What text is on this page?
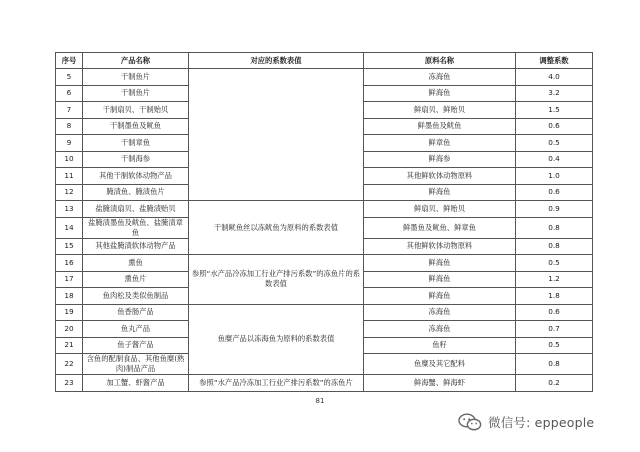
序号	产品名称	对应的系数表值	原料名称	调整系数
5	干制鱼片		冻海鱼	4.0
6	干制鱼片		鲜海鱼	3.2
7	干制扇贝、干制贻贝		鲜扇贝、鲜贻贝	1.5
8	干制墨鱼及鱿鱼		鲜墨鱼及鱿鱼	0.6
9	干制章鱼		鲜章鱼	0.5
10	干制海参		鲜海参	0.4
11	其他干制软体动物产品		其他鲜软体动物原料	1.0
12	腌渍鱼、腌渍鱼片		鲜海鱼	0.6
13	盐腌渍扇贝、盐腌渍贻贝	干制鱿鱼丝以冻鱿鱼为原料的系数表值	鲜扇贝、鲜贻贝	0.9
14	盐腌渍墨鱼及鱿鱼、盐腌渍章鱼		鲜墨鱼及鱿鱼、鲜章鱼	0.8
15	其他盐腌渍软体动物产品		其他鲜软体动物原料	0.8
16	熏鱼	参照“水产品冷冻加工行业产排污系数”的冻鱼片的系数表值	鲜海鱼	0.5
17	熏鱼片		鲜海鱼	1.2
18	鱼肉松及类似鱼制品		鲜海鱼	1.8
19	鱼香肠产品	鱼糜产品以冻海鱼为原料的系数表值	冻海鱼	0.6
20	鱼丸产品		冻海鱼	0.7
21	鱼子酱产品		鱼籽	0.5
22	含鱼的配制食品、其他鱼糜(熟肉)制品产品		鱼糜及其它配料	0.8
23	加工蟹、虾酱产品	参照“水产品冷冻加工行业产排污系数”的冻鱼片	鲜海蟹、鲜海虾	0.2
81
微信号: eppeople
